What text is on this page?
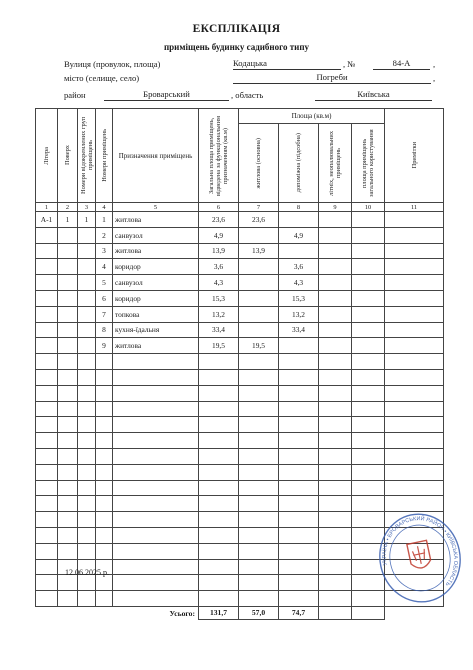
ЕКСПЛІКАЦІЯ
приміщень будинку садибного типу
Вулиця (провулок, площа)	Кодацька	, №	84-А	,
місто (селище, село)	Погреби	,
район	Броварський	, область	Київська
Літера	Поверх	Номери відокремлених груп приміщень	Номери приміщень	Призначення приміщень	Загальна площа приміщень, відведена за функціональним призначенням (кв.м)	Площа (кв.м)				Примітки

						житлова (основна)	допоміжна (підсобна)	літніх, неопалювальних приміщень	площа приміщень загального користування	

1	2	3	4	5	6	7	8	9	10	11
А-1	1	1	1	житлова	23,6	23,6				
			2	санвузол	4,9		4,9			
			3	житлова	13,9	13,9				
			4	коридор	3,6		3,6			
			5	санвузол	4,3		4,3			
			6	коридор	15,3		15,3			
			7	топкова	13,2		13,2			
			8	кухня-їдальня	33,4		33,4			
			9	житлова	19,5	19,5				

Усього:					131,7	57,0	74,7			
12.06.2025 р.
УКРАЇНА • БРОВАРСЬКИЙ РАЙОН • КИЇВСЬКА ОБЛАСТЬ
